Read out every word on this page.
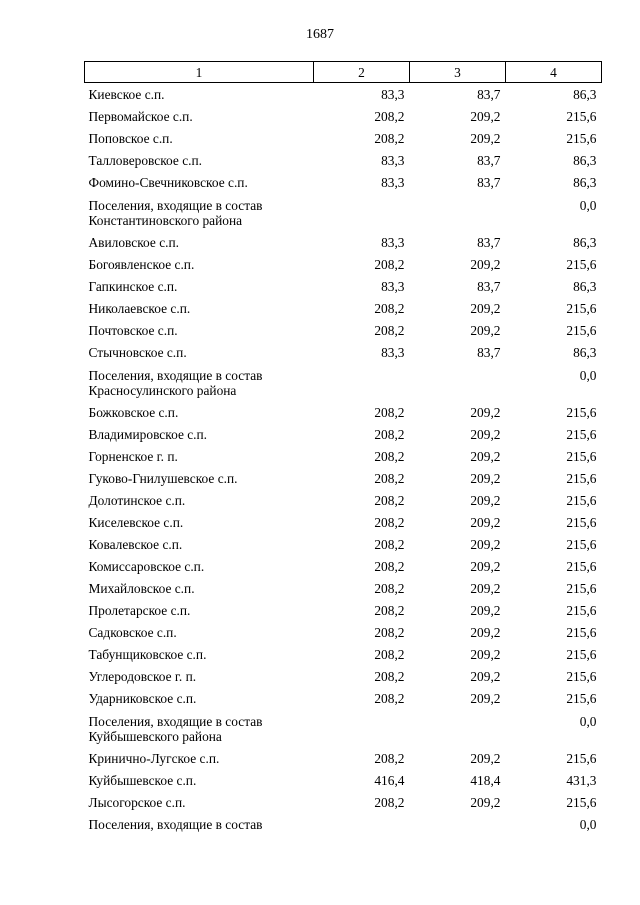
1687
1	2	3	4
Киевское с.п.	83,3	83,7	86,3
Первомайское с.п.	208,2	209,2	215,6
Поповское с.п.	208,2	209,2	215,6
Талловеровское с.п.	83,3	83,7	86,3
Фомино-Свечниковское с.п.	83,3	83,7	86,3
Поселения, входящие в состав Константиновского района			0,0
Авиловское с.п.	83,3	83,7	86,3
Богоявленское с.п.	208,2	209,2	215,6
Гапкинское с.п.	83,3	83,7	86,3
Николаевское с.п.	208,2	209,2	215,6
Почтовское с.п.	208,2	209,2	215,6
Стычновское с.п.	83,3	83,7	86,3
Поселения, входящие в состав Красносулинского района			0,0
Божковское с.п.	208,2	209,2	215,6
Владимировское с.п.	208,2	209,2	215,6
Горненское г. п.	208,2	209,2	215,6
Гуково-Гнилушевское с.п.	208,2	209,2	215,6
Долотинское с.п.	208,2	209,2	215,6
Киселевское с.п.	208,2	209,2	215,6
Ковалевское с.п.	208,2	209,2	215,6
Комиссаровское с.п.	208,2	209,2	215,6
Михайловское с.п.	208,2	209,2	215,6
Пролетарское с.п.	208,2	209,2	215,6
Садковское с.п.	208,2	209,2	215,6
Табунщиковское с.п.	208,2	209,2	215,6
Углеродовское г. п.	208,2	209,2	215,6
Ударниковское с.п.	208,2	209,2	215,6
Поселения, входящие в состав Куйбышевского района			0,0
Кринично-Лугское с.п.	208,2	209,2	215,6
Куйбышевское с.п.	416,4	418,4	431,3
Лысогорское с.п.	208,2	209,2	215,6
Поселения, входящие в состав			0,0
